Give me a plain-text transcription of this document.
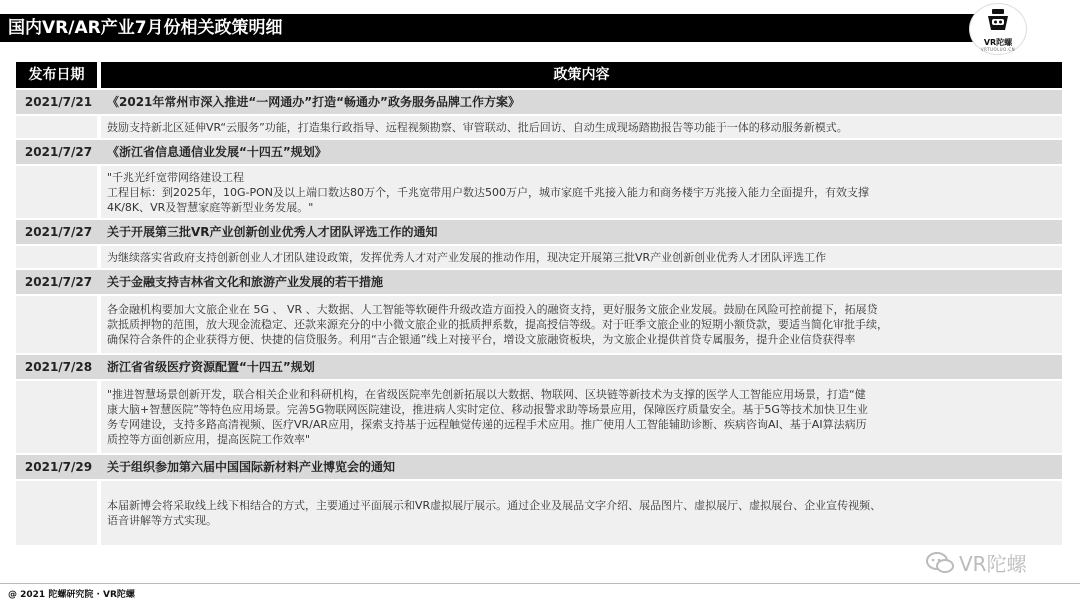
国内VR/AR产业7月份相关政策明细
VR陀螺
VRTUOLUO.CN
发布日期	政策内容
2021/7/21	《2021年常州市深入推进“一网通办”打造“畅通办”政务服务品牌工作方案》
鼓励支持新北区延伸VR“云服务”功能，打造集行政指导、远程视频勘察、审管联动、批后回访、自动生成现场踏勘报告等功能于一体的移动服务新模式。
2021/7/27	《浙江省信息通信业发展“十四五”规划》
"千兆光纤宽带网络建设工程
工程目标：到2025年，10G-PON及以上端口数达80万个，千兆宽带用户数达500万户，城市家庭千兆接入能力和商务楼宇万兆接入能力全面提升，有效支撑
4K/8K、VR及智慧家庭等新型业务发展。"
2021/7/27	关于开展第三批VR产业创新创业优秀人才团队评选工作的通知
为继续落实省政府支持创新创业人才团队建设政策，发挥优秀人才对产业发展的推动作用，现决定开展第三批VR产业创新创业优秀人才团队评选工作
2021/7/27	关于金融支持吉林省文化和旅游产业发展的若干措施
各金融机构要加大文旅企业在 5G 、 VR 、大数据、人工智能等软硬件升级改造方面投入的融资支持，更好服务文旅企业发展。鼓励在风险可控前提下，拓展贷
款抵质押物的范围，放大现金流稳定、还款来源充分的中小微文旅企业的抵质押系数，提高授信等级。对于旺季文旅企业的短期小额贷款，要适当简化审批手续，
确保符合条件的企业获得方便、快捷的信贷服务。利用“吉企银通”线上对接平台，增设文旅融资板块，为文旅企业提供首贷专属服务，提升企业信贷获得率
2021/7/28	浙江省省级医疗资源配置“十四五”规划
"推进智慧场景创新开发，联合相关企业和科研机构，在省级医院率先创新拓展以大数据、物联网、区块链等新技术为支撑的医学人工智能应用场景，打造“健
康大脑+智慧医院”等特色应用场景。完善5G物联网医院建设，推进病人实时定位、移动报警求助等场景应用，保障医疗质量安全。基于5G等技术加快卫生业
务专网建设，支持多路高清视频、医疗VR/AR应用，探索支持基于远程触觉传递的远程手术应用。推广使用人工智能辅助诊断、疾病咨询AI、基于AI算法病历
质控等方面创新应用，提高医院工作效率"
2021/7/29	关于组织参加第六届中国国际新材料产业博览会的通知
本届新博会将采取线上线下相结合的方式，主要通过平面展示和VR虚拟展厅展示。通过企业及展品文字介绍、展品图片、虚拟展厅、虚拟展台、企业宣传视频、
语音讲解等方式实现。
@ 2021 陀螺研究院 · VR陀螺
VR陀螺
